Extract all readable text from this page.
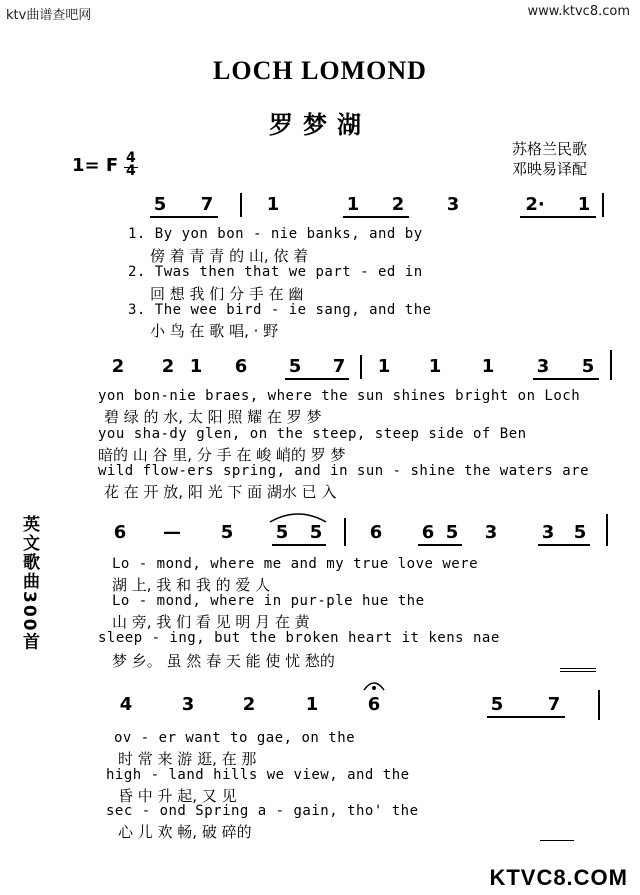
ktv曲谱查吧网	www.ktvc8.com
LOCH LOMOND
罗梦湖
苏格兰民歌
邓映易译配
1= F 4
4
英文歌曲300首
5 7	1	1 2 3	2· 1
1. By yon bon - nie banks, and by
傍 着 青 青 的 山, 依 着
2. Twas then that we part - ed in
回 想 我 们 分 手 在 幽
3. The wee bird - ie sang, and the
小 鸟 在 歌 唱, · 野
2 2 1 6 5 7 1 1 1 3 5
yon bon-nie braes, where the sun shines bright on Loch
碧 绿 的 水, 太 阳 照 耀 在 罗 梦
you sha-dy glen, on the steep, steep side of Ben
暗的 山 谷 里, 分 手 在 峻 峭的 罗 梦
wild flow-ers spring, and in sun - shine the waters are
花 在 开 放, 阳 光 下 面 湖水 已 入
6 — 5 5 5	6 6 5 3 3 5
Lo - mond, where me and my true love were
湖 上, 我 和 我 的 爱 人
Lo - mond, where in pur-ple hue the
山 旁, 我 们 看 见 明 月 在 黄
sleep - ing, but the broken heart it kens nae
梦 乡。 虽 然 春 天 能 使 忧 愁的
4	3	2	1	6	5 7
ov - er want to gae, on the
时 常 来 游 逛, 在 那
high - land hills we view, and the
昏 中 升 起, 又 见
sec - ond Spring a - gain, tho' the
心 儿 欢 畅, 破 碎的
KTVC8.COM
